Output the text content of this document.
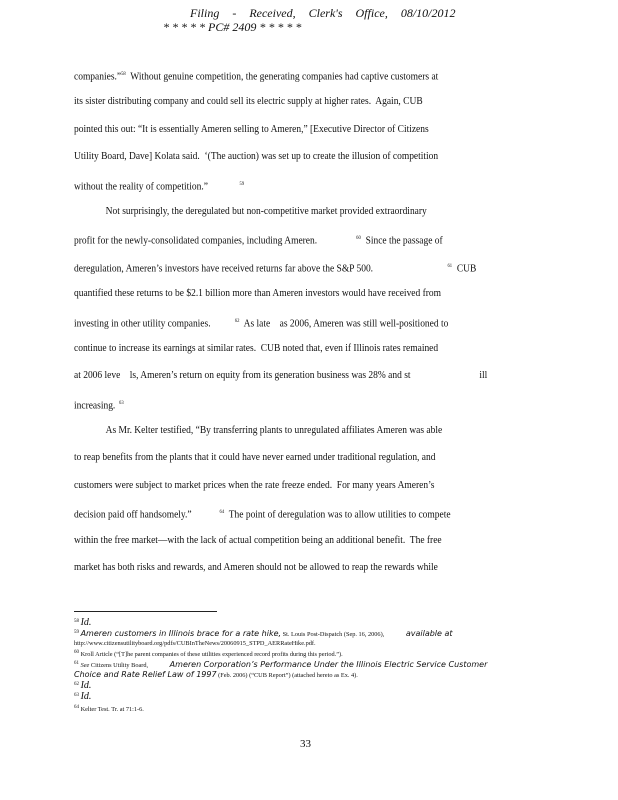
Filing - Received, Clerk's Office, 08/10/2012
* * * * * PC# 2409 * * * * *
companies.”$^{58}$  Without genuine competition, the generating companies had captive customers at
its sister distributing company and could sell its electric supply at higher rates.  Again, CUB
pointed this out: “It is essentially Ameren selling to Ameren,” [Executive Director of Citizens
Utility Board, Dave] Kolata said.  ‘(The auction) was set up to create the illusion of competition
without the reality of competition.”	$^{59}$
Not surprisingly, the deregulated but non-competitive market provided extraordinary
profit for the newly-consolidated companies, including Ameren.	$^{60}$  Since the passage of
deregulation, Ameren’s investors have received returns far above the S&P 500.	$^{61}$  CUB
quantified these returns to be $2.1 billion more than Ameren investors would have received from
investing in other utility companies.	$^{62}$  As late    as 2006, Ameren was still well-positioned to
continue to increase its earnings at similar rates.  CUB noted that, even if Illinois rates remained
at 2006 leve    ls, Ameren’s return on equity from its generation business was 28% and st	ill
increasing. $^{63}$
As Mr. Kelter testified, “By transferring plants to unregulated affiliates Ameren was able
to reap benefits from the plants that it could have never earned under traditional regulation, and
customers were subject to market prices when the rate freeze ended.  For many years Ameren’s
decision paid off handsomely.”	$^{64}$  The point of deregulation was to allow utilities to compete
within the free market—with the lack of actual competition being an additional benefit.  The free
market has both risks and rewards, and Ameren should not be allowed to reap the rewards while
$^{58}$ Id.
$^{59}$ Ameren customers in Illinois brace for a rate hike, St. Louis Post-Dispatch (Sep. 16, 2006),	available at
http://www.citizensutilityboard.org/pdfs/CUBInTheNews/20060915_STPD_AERRateHike.pdf.
$^{60}$ Kroll Article (“[T]he parent companies of these utilities experienced record profits during this period.”).
$^{61}$ See Citizens Utility Board,	Ameren Corporation’s Performance Under the Illinois Electric Service Customer
Choice and Rate Relief Law of 1997 (Feb. 2006) (“CUB Report”) (attached hereto as Ex. 4).
$^{62}$ Id.
$^{63}$ Id.
$^{64}$ Kelter Test. Tr. at 71:1-6.
33
